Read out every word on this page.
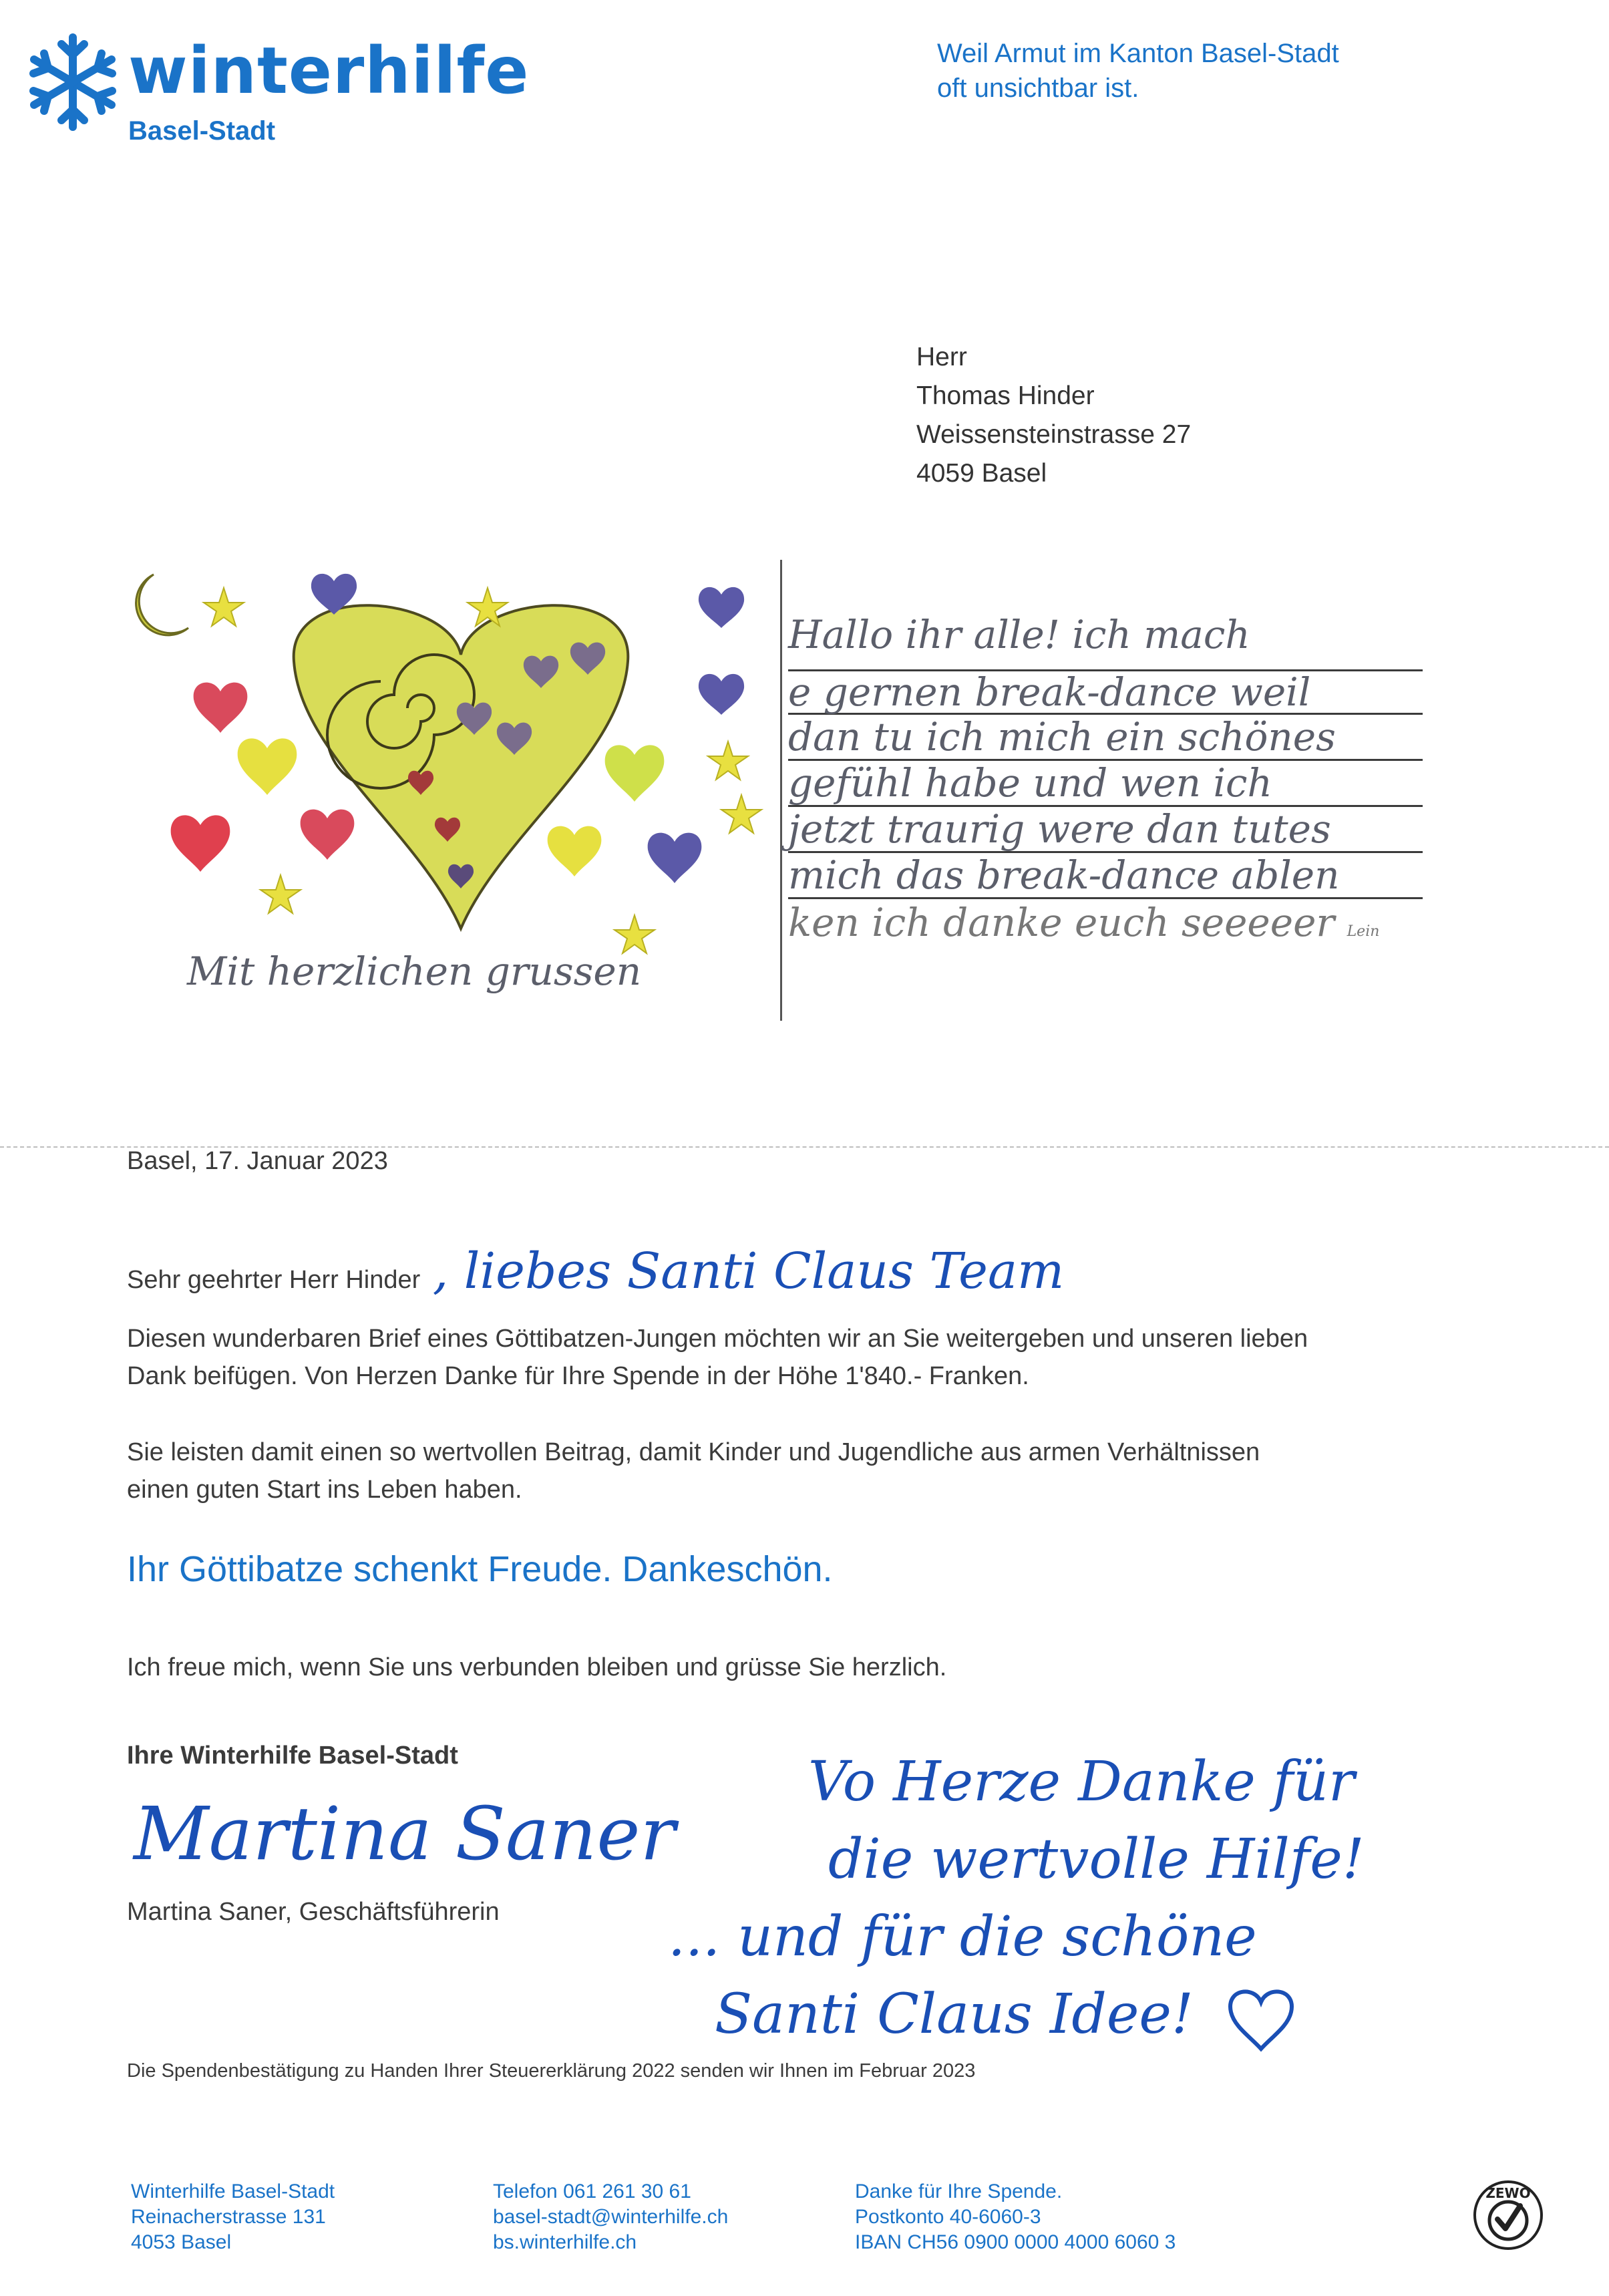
winterhilfe
Basel-Stadt
Weil Armut im Kanton Basel-Stadt
oft unsichtbar ist.
Herr
Thomas Hinder
Weissensteinstrasse 27
4059 Basel
Mit herzlichen grussen
Hallo ihr alle! ich mach
e gernen break-dance weil
dan tu ich mich ein schönes
gefühl habe und wen ich
jetzt traurig were dan tutes
mich das break-dance ablen
ken ich danke euch seeeeer Lein
Basel, 17. Januar 2023
Sehr geehrter Herr Hinder , liebes Santi Claus Team
Diesen wunderbaren Brief eines Göttibatzen-Jungen möchten wir an Sie weitergeben und unseren lieben
Dank beifügen. Von Herzen Danke für Ihre Spende in der Höhe 1'840.- Franken.
Sie leisten damit einen so wertvollen Beitrag, damit Kinder und Jugendliche aus armen Verhältnissen
einen guten Start ins Leben haben.
Ihr Göttibatze schenkt Freude. Dankeschön.
Ich freue mich, wenn Sie uns verbunden bleiben und grüsse Sie herzlich.
Ihre Winterhilfe Basel-Stadt
Martina Saner
Martina Saner, Geschäftsführerin
Vo Herze Danke für
die wertvolle Hilfe!
... und für die schöne
Santi Claus Idee!
Die Spendenbestätigung zu Handen Ihrer Steuererklärung 2022 senden wir Ihnen im Februar 2023
Winterhilfe Basel-Stadt
Reinacherstrasse 131
4053 Basel
Telefon 061 261 30 61
basel-stadt@winterhilfe.ch
bs.winterhilfe.ch
Danke für Ihre Spende.
Postkonto 40-6060-3
IBAN CH56 0900 0000 4000 6060 3
ZEWO
